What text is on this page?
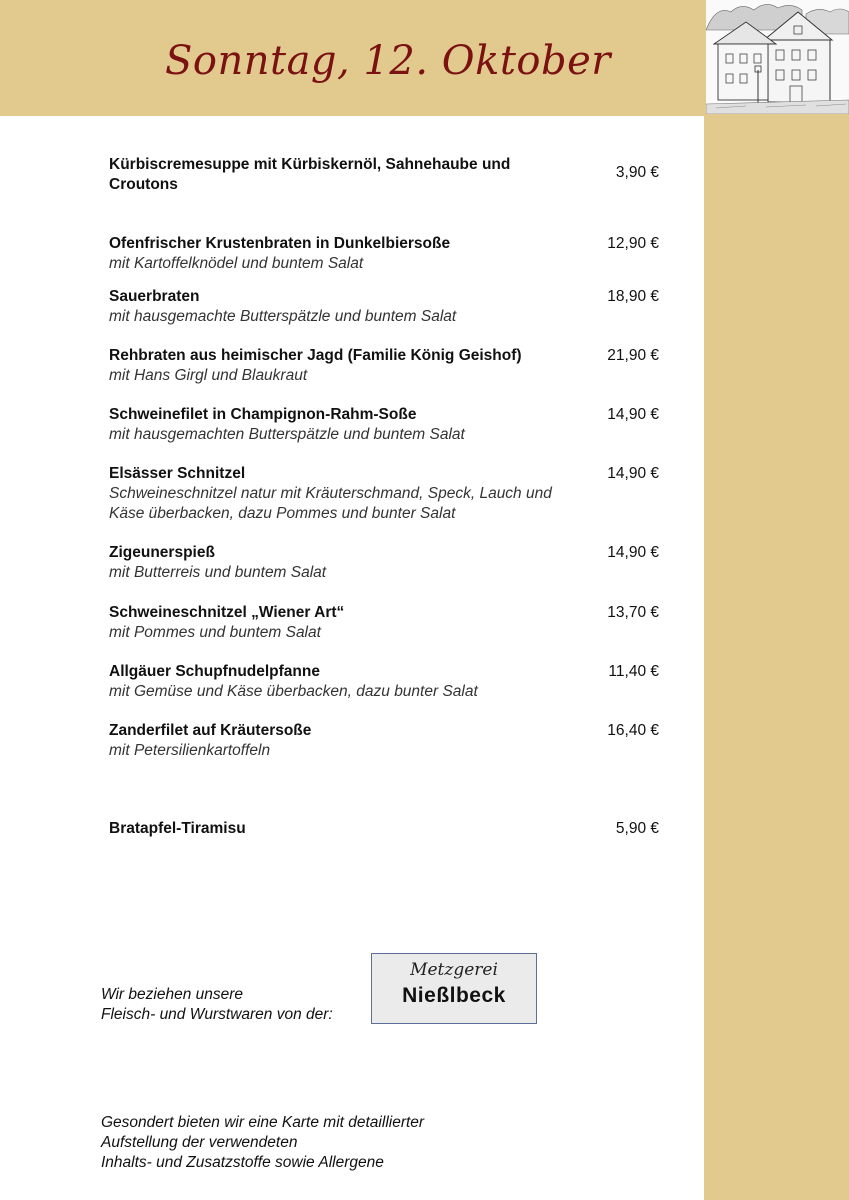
Sonntag, 12. Oktober
Kürbiscremesuppe mit Kürbiskernöl, Sahnehaube und Croutons
3,90 €
Ofenfrischer Krustenbraten in Dunkelbiersoße
mit Kartoffelknödel und buntem Salat
12,90 €
Sauerbraten
mit hausgemachte Butterspätzle und buntem Salat
18,90 €
Rehbraten aus heimischer Jagd (Familie König Geishof)
mit Hans Girgl und Blaukraut
21,90 €
Schweinefilet in Champignon-Rahm-Soße
mit hausgemachten Butterspätzle und buntem Salat
14,90 €
Elsässer Schnitzel
Schweineschnitzel natur mit Kräuterschmand, Speck, Lauch und Käse überbacken, dazu Pommes und bunter Salat
14,90 €
Zigeunerspieß
mit Butterreis und buntem Salat
14,90 €
Schweineschnitzel „Wiener Art“
mit Pommes und buntem Salat
13,70 €
Allgäuer Schupfnudelpfanne
mit Gemüse und Käse überbacken, dazu bunter Salat
11,40 €
Zanderfilet auf Kräutersoße
mit Petersilienkartoffeln
16,40 €
Bratapfel-Tiramisu	5,90 €
Wir beziehen unsere
Fleisch- und Wurstwaren von der:
Metzgerei
Nießlbeck
Gesondert bieten wir eine Karte mit detaillierter
Aufstellung der verwendeten
Inhalts- und Zusatzstoffe sowie Allergene
